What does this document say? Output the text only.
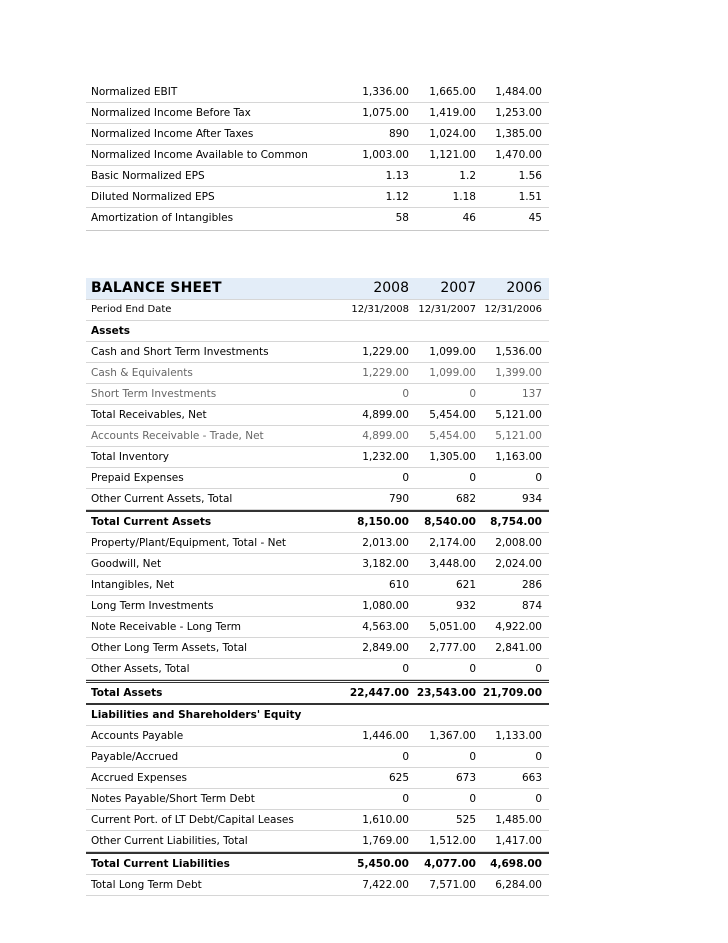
Normalized EBIT	1,336.00 1,665.00 1,484.00
Normalized Income Before Tax	1,075.00 1,419.00 1,253.00
Normalized Income After Taxes	890 1,024.00 1,385.00
Normalized Income Available to Common	1,003.00 1,121.00 1,470.00
Basic Normalized EPS	1.13	1.2	1.56
Diluted Normalized EPS	1.12	1.18	1.51
Amortization of Intangibles	58	46	45
BALANCE SHEET	2008 2007 2006
Period End Date	12/31/2008 12/31/2007 12/31/2006
Assets
Cash and Short Term Investments	1,229.00 1,099.00 1,536.00
Cash & Equivalents	1,229.00 1,099.00 1,399.00
Short Term Investments	0	0	137
Total Receivables, Net	4,899.00 5,454.00 5,121.00
Accounts Receivable - Trade, Net	4,899.00 5,454.00 5,121.00
Total Inventory	1,232.00 1,305.00 1,163.00
Prepaid Expenses	0	0	0
Other Current Assets, Total	790	682	934
Total Current Assets	8,150.00 8,540.00 8,754.00
Property/Plant/Equipment, Total - Net	2,013.00 2,174.00 2,008.00
Goodwill, Net	3,182.00 3,448.00 2,024.00
Intangibles, Net	610	621	286
Long Term Investments	1,080.00	932	874
Note Receivable - Long Term	4,563.00 5,051.00 4,922.00
Other Long Term Assets, Total	2,849.00 2,777.00 2,841.00
Other Assets, Total	0	0	0
Total Assets	22,447.00 23,543.00 21,709.00
Liabilities and Shareholders' Equity
Accounts Payable	1,446.00 1,367.00 1,133.00
Payable/Accrued	0	0	0
Accrued Expenses	625	673	663
Notes Payable/Short Term Debt	0	0	0
Current Port. of LT Debt/Capital Leases	1,610.00	525 1,485.00
Other Current Liabilities, Total	1,769.00 1,512.00 1,417.00
Total Current Liabilities	5,450.00 4,077.00 4,698.00
Total Long Term Debt	7,422.00 7,571.00 6,284.00
